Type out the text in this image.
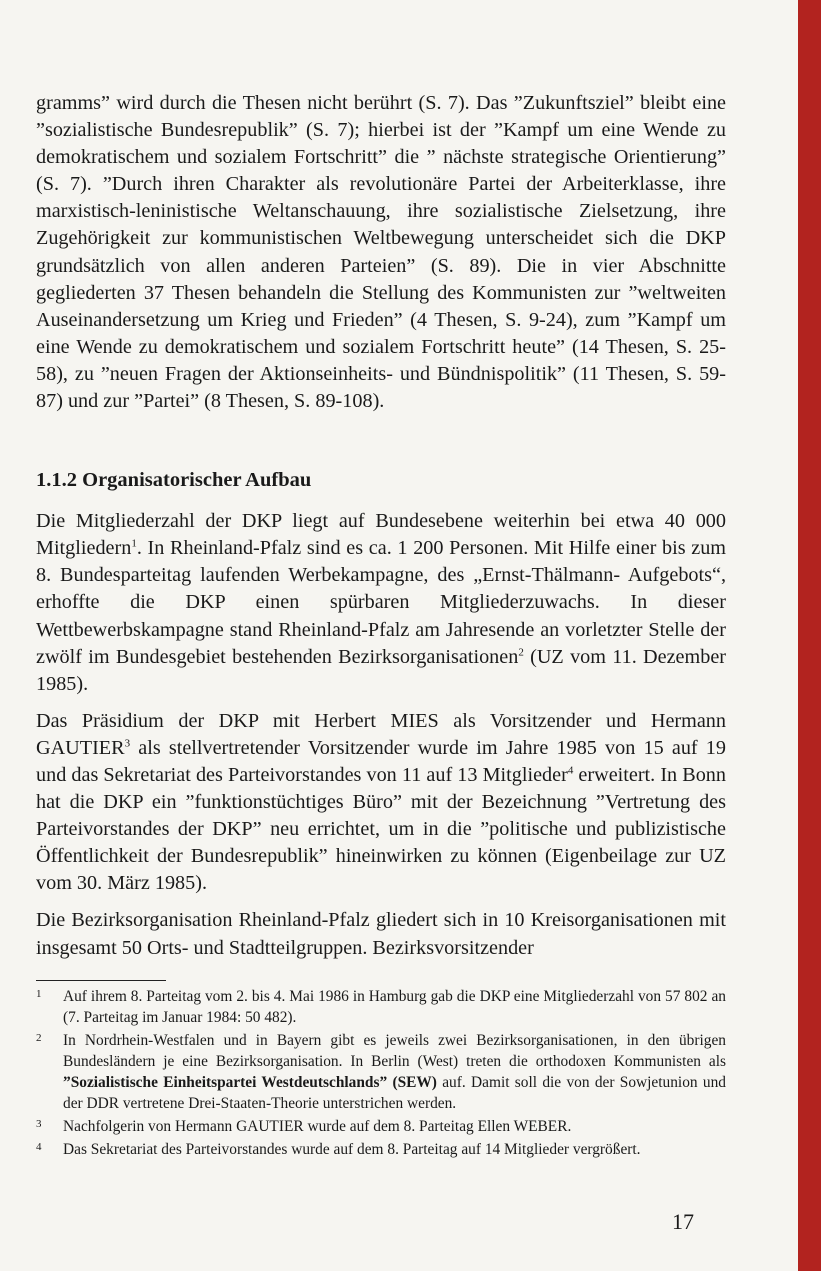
gramms” wird durch die Thesen nicht berührt (S. 7). Das ”Zukunftsziel” bleibt eine ”sozialistische Bundesrepublik” (S. 7); hierbei ist der ”Kampf um eine Wende zu demokratischem und sozialem Fortschritt” die ” nächste strategische Orientierung” (S. 7). ”Durch ihren Charakter als revolutionäre Partei der Arbeiterklasse, ihre marxistisch-leninistische Weltanschauung, ihre sozialistische Zielsetzung, ihre Zugehörigkeit zur kommunistischen Weltbewegung unterscheidet sich die DKP grundsätzlich von allen anderen Parteien” (S. 89). Die in vier Abschnitte gegliederten 37 Thesen behandeln die Stellung des Kommunisten zur ”weltweiten Auseinandersetzung um Krieg und Frieden” (4 Thesen, S. 9-24), zum ”Kampf um eine Wende zu demokratischem und sozialem Fortschritt heute” (14 Thesen, S. 25-58), zu ”neuen Fragen der Aktionseinheits- und Bündnispolitik” (11 Thesen, S. 59-87) und zur ”Partei” (8 Thesen, S. 89-108).

1.1.2 Organisatorischer Aufbau

Die Mitgliederzahl der DKP liegt auf Bundesebene weiterhin bei etwa 40 000 Mitgliedern$^1$. In Rheinland-Pfalz sind es ca. 1 200 Personen. Mit Hilfe einer bis zum 8. Bundesparteitag laufenden Werbekampagne, des „Ernst-Thälmann- Aufgebots“, erhoffte die DKP einen spürbaren Mitgliederzuwachs. In dieser Wettbewerbskampagne stand Rheinland-Pfalz am Jahresende an vorletzter Stelle der zwölf im Bundesgebiet bestehenden Bezirksorganisationen$^2$ (UZ vom 11. Dezember 1985).

Das Präsidium der DKP mit Herbert MIES als Vorsitzender und Hermann GAUTIER$^3$ als stellvertretender Vorsitzender wurde im Jahre 1985 von 15 auf 19 und das Sekretariat des Parteivorstandes von 11 auf 13 Mitglieder$^4$ erweitert. In Bonn hat die DKP ein ”funktionstüchtiges Büro” mit der Bezeichnung ”Vertretung des Parteivorstandes der DKP” neu errichtet, um in die ”politische und publizistische Öffentlichkeit der Bundesrepublik” hineinwirken zu können (Eigenbeilage zur UZ vom 30. März 1985).

Die Bezirksorganisation Rheinland-Pfalz gliedert sich in 10 Kreisorganisationen mit insgesamt 50 Orts- und Stadtteilgruppen. Bezirksvorsitzender

1	Auf ihrem 8. Parteitag vom 2. bis 4. Mai 1986 in Hamburg gab die DKP eine Mitgliederzahl von 57 802 an (7. Parteitag im Januar 1984: 50 482).
2	In Nordrhein-Westfalen und in Bayern gibt es jeweils zwei Bezirksorganisationen, in den übrigen Bundesländern je eine Bezirksorganisation. In Berlin (West) treten die orthodoxen Kommunisten als ”Sozialistische Einheitspartei Westdeutschlands” (SEW) auf. Damit soll die von der Sowjetunion und der DDR vertretene Drei-Staaten-Theorie unterstrichen werden.
3	Nachfolgerin von Hermann GAUTIER wurde auf dem 8. Parteitag Ellen WEBER.
4	Das Sekretariat des Parteivorstandes wurde auf dem 8. Parteitag auf 14 Mitglieder vergrößert.
17
